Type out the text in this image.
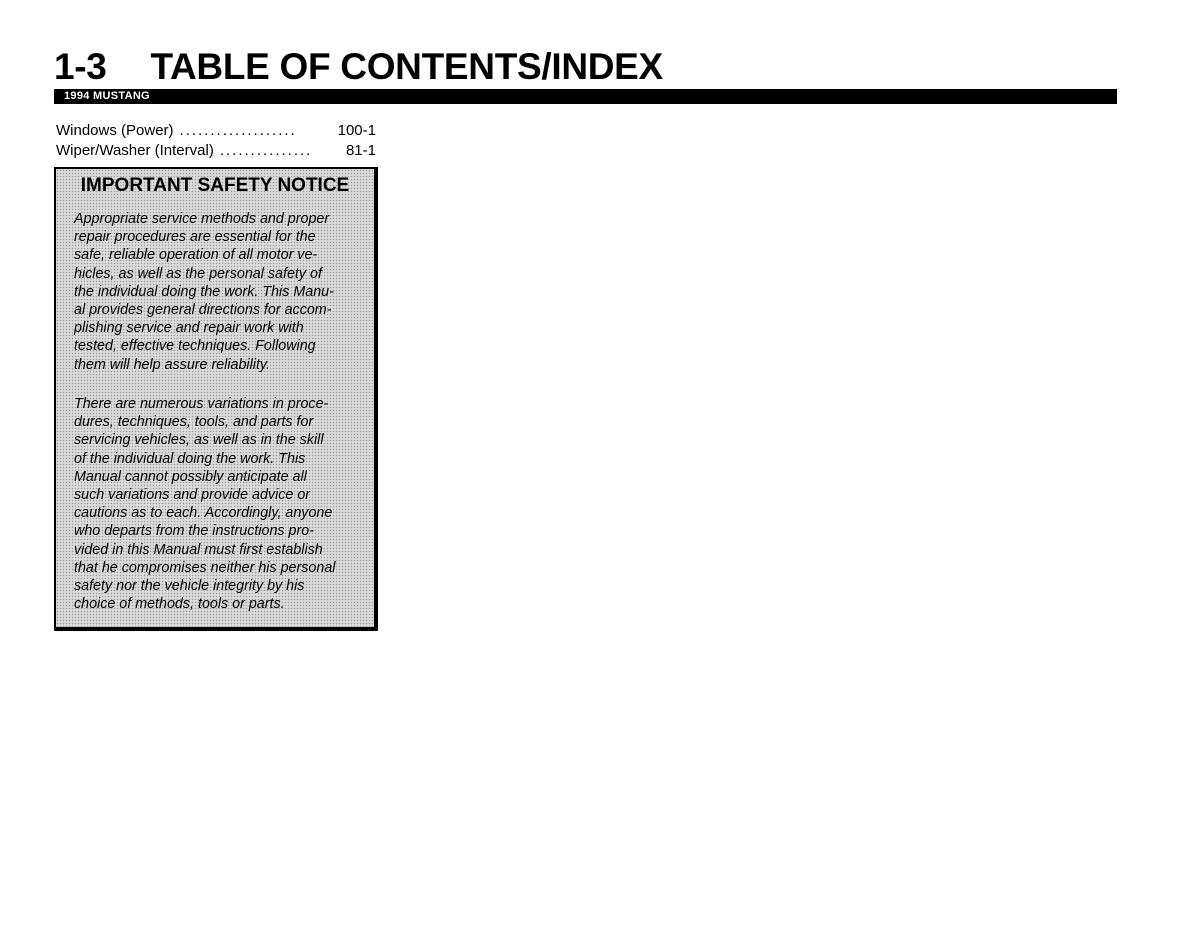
1-3 TABLE OF CONTENTS/INDEX
1994 MUSTANG
Windows (Power) ...................	100-1
Wiper/Washer (Interval) ...............	81-1
IMPORTANT SAFETY NOTICE
Appropriate service methods and proper
repair procedures are essential for the
safe, reliable operation of all motor ve-
hicles, as well as the personal safety of
the individual doing the work. This Manu-
al provides general directions for accom-
plishing service and repair work with
tested, effective techniques. Following
them will help assure reliability.
There are numerous variations in proce-
dures, techniques, tools, and parts for
servicing vehicles, as well as in the skill
of the individual doing the work. This
Manual cannot possibly anticipate all
such variations and provide advice or
cautions as to each. Accordingly, anyone
who departs from the instructions pro-
vided in this Manual must first establish
that he compromises neither his personal
safety nor the vehicle integrity by his
choice of methods, tools or parts.
